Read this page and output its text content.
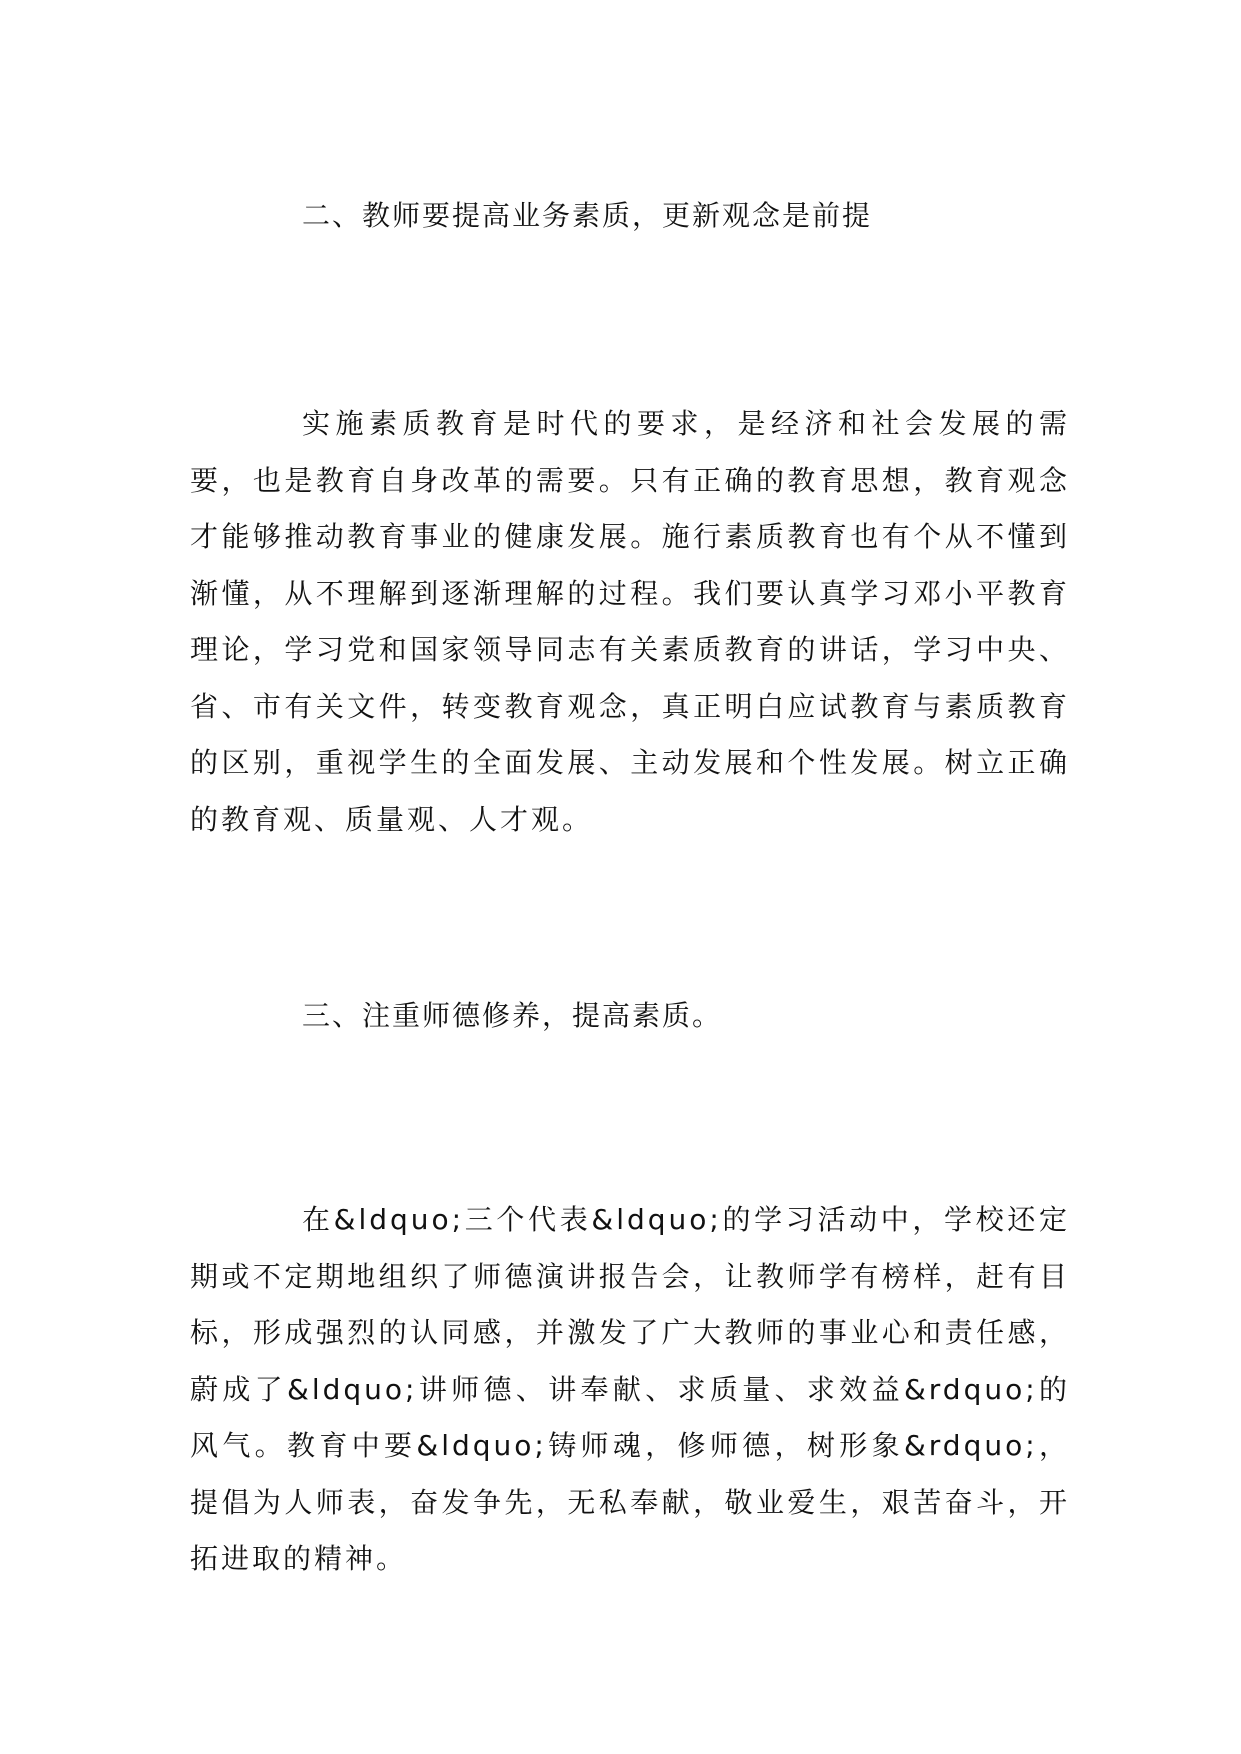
二、教师要提高业务素质，更新观念是前提

实施素质教育是时代的要求，是经济和社会发展的需要，也是教育自身改革的需要。只有正确的教育思想，教育观念才能够推动教育事业的健康发展。施行素质教育也有个从不懂到渐懂，从不理解到逐渐理解的过程。我们要认真学习邓小平教育理论，学习党和国家领导同志有关素质教育的讲话，学习中央、省、市有关文件，转变教育观念，真正明白应试教育与素质教育的区别，重视学生的全面发展、主动发展和个性发展。树立正确的教育观、质量观、人才观。

三、注重师德修养，提高素质。

在&ldquo;三个代表&ldquo;的学习活动中，学校还定期或不定期地组织了师德演讲报告会，让教师学有榜样，赶有目标，形成强烈的认同感，并激发了广大教师的事业心和责任感，蔚成了&ldquo;讲师德、讲奉献、求质量、求效益&rdquo;的风气。教育中要&ldquo;铸师魂，修师德，树形象&rdquo;，提倡为人师表，奋发争先，无私奉献，敬业爱生，艰苦奋斗，开拓进取的精神。
